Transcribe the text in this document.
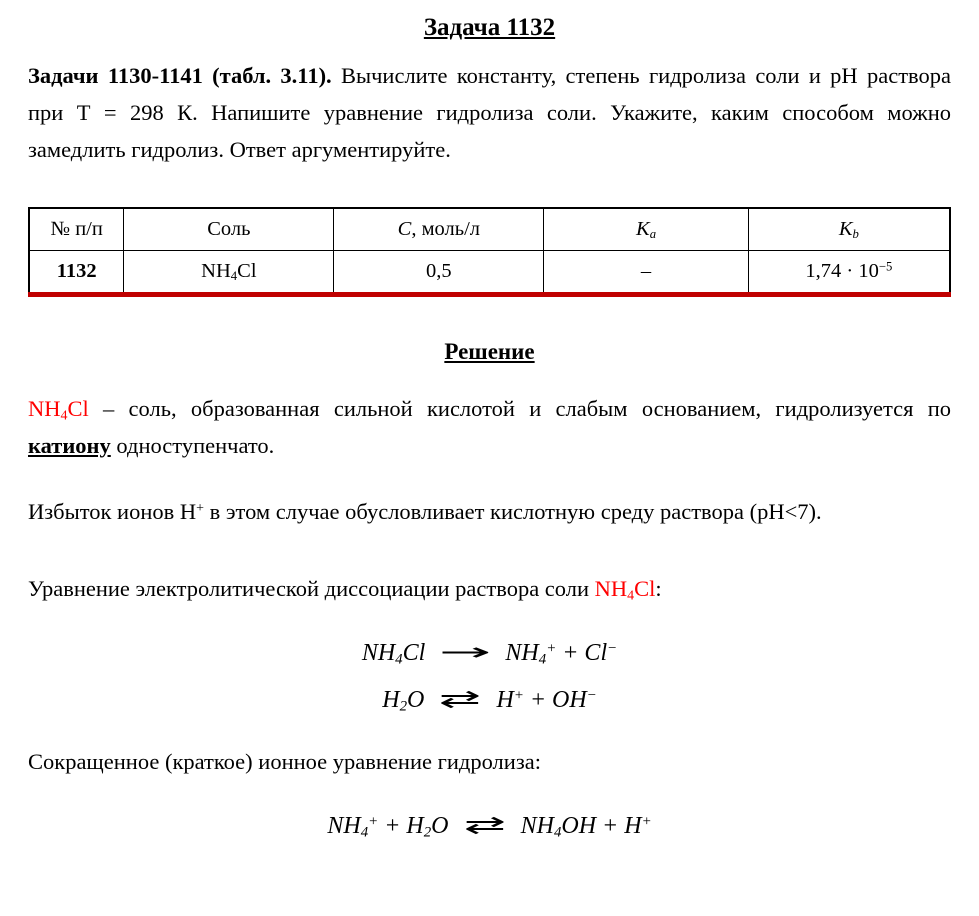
Задача 1132

Задачи 1130-1141 (табл. 3.11). Вычислите константу, степень гидролиза соли и pH раствора при Т = 298 К. Напишите уравнение гидролиза соли. Укажите, каким способом можно замедлить гидролиз. Ответ аргументируйте.

№ п/п	Соль	С, моль/л	$K_a$	$K_b$
1132	$NH_4Cl$	0,5	–	$1,74 \cdot 10^{-5}$
Решение

$NH_4Cl$ – соль, образованная сильной кислотой и слабым основанием, гидролизуется по катиону одноступенчато.

Избыток ионов Н+ в этом случае обусловливает кислотную среду раствора (pH<7).

Уравнение электролитической диссоциации раствора соли $NH_4Cl$:

$NH_4Cl \to NH_4^+ + Cl^-$
$H_2O$ ⇄ H+ + OH−

Сокращенное (краткое) ионное уравнение гидролиза:

$NH_4^+ + H_2O$ ⇄ $NH_4OH + H^+$
